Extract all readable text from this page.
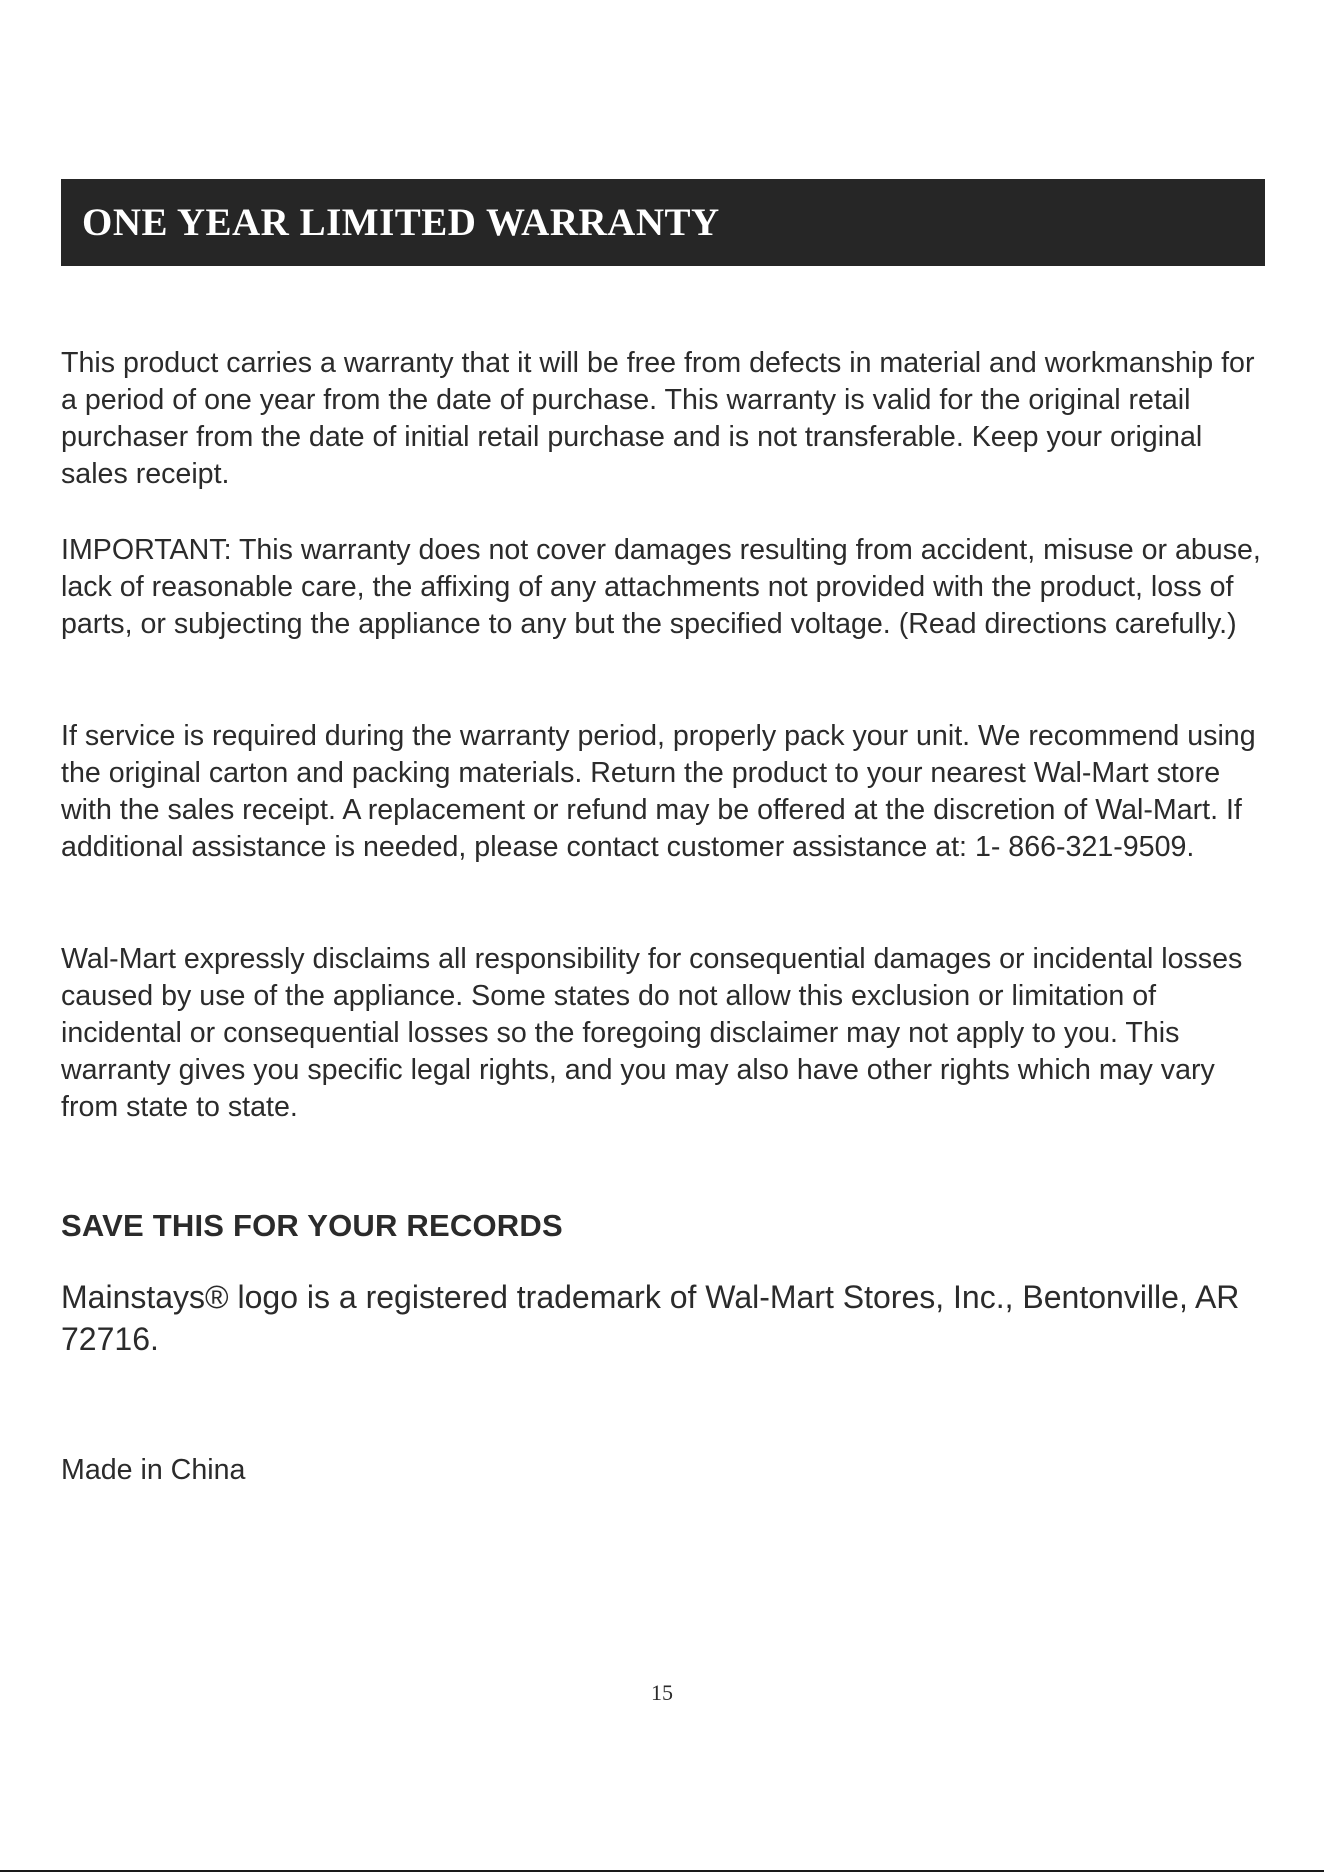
ONE YEAR LIMITED WARRANTY

This product carries a warranty that it will be free from defects in material and workmanship for a period of one year from the date of purchase. This warranty is valid for the original retail purchaser from the date of initial retail purchase and is not transferable. Keep your original sales receipt.

IMPORTANT: This warranty does not cover damages resulting from accident, misuse or abuse, lack of reasonable care, the affixing of any attachments not provided with the product, loss of parts, or subjecting the appliance to any but the specified voltage. (Read directions carefully.)

If service is required during the warranty period, properly pack your unit. We recommend using the original carton and packing materials. Return the product to your nearest Wal-Mart store with the sales receipt. A replacement or refund may be offered at the discretion of Wal-Mart. If additional assistance is needed, please contact customer assistance at: 1- 866-321-9509.

Wal-Mart expressly disclaims all responsibility for consequential damages or incidental losses caused by use of the appliance. Some states do not allow this exclusion or limitation of incidental or consequential losses so the foregoing disclaimer may not apply to you. This warranty gives you specific legal rights, and you may also have other rights which may vary from state to state.

SAVE THIS FOR YOUR RECORDS

Mainstays® logo is a registered trademark of Wal-Mart Stores, Inc., Bentonville, AR 72716.

Made in China

15
